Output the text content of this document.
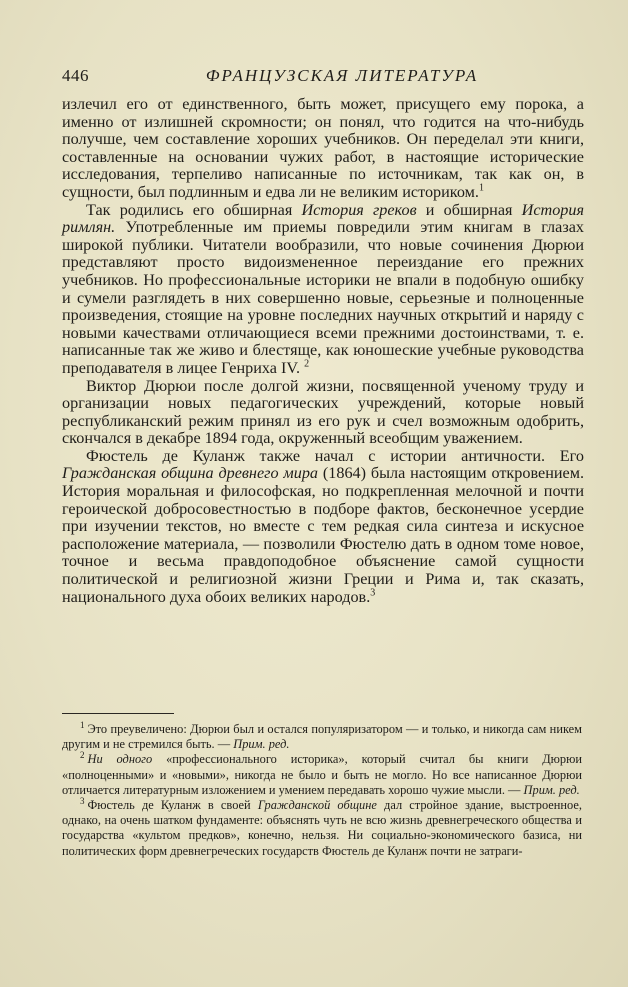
446	ФРАНЦУЗСКАЯ ЛИТЕРАТУРА

излечил его от единственного, быть может, присущего ему порока, а именно от излишней скромности; он понял, что годится на что-нибудь получше, чем составление хороших учебников. Он переделал эти книги, составленные на основании чужих работ, в настоящие исторические исследования, терпеливо написанные по источникам, так как он, в сущности, был подлинным и едва ли не великим историком.$^1$

Так родились его обширная История греков и обширная История римлян. Употребленные им приемы повредили этим книгам в глазах широкой публики. Читатели вообразили, что новые сочинения Дюрюи представляют просто видоизмененное переиздание его прежних учебников. Но профессиональные историки не впали в подобную ошибку и сумели разглядеть в них совершенно новые, серьезные и полноценные произведения, стоящие на уровне последних научных открытий и наряду с новыми качествами отличающиеся всеми прежними достоинствами, т. е. написанные так же живо и блестяще, как юношеские учебные руководства преподавателя в лицее Генриха IV. $^2$

Виктор Дюрюи после долгой жизни, посвященной ученому труду и организации новых педагогических учреждений, которые новый республиканский режим принял из его рук и счел возможным одобрить, скончался в декабре 1894 года, окруженный всеобщим уважением.

Фюстель де Куланж также начал с истории античности. Его Гражданская община древнего мира (1864) была настоящим откровением. История моральная и философская, но подкрепленная мелочной и почти героической добросовестностью в подборе фактов, бесконечное усердие при изучении текстов, но вместе с тем редкая сила синтеза и искусное расположение материала, — позволили Фюстелю дать в одном томе новое, точное и весьма правдоподобное объяснение самой сущности политической и религиозной жизни Греции и Рима и, так сказать, национального духа обоих великих народов.$^3$

$^1$ Это преувеличено: Дюрюи был и остался популяризатором — и только, и никогда сам никем другим и не стремился быть. — Прим. ред.

$^2$ Ни одного «профессионального историка», который считал бы книги Дюрюи «полноценными» и «новыми», никогда не было и быть не могло. Но все написанное Дюрюи отличается литературным изложением и умением передавать хорошо чужие мысли. — Прим. ред.

$^3$ Фюстель де Куланж в своей Гражданской общине дал стройное здание, выстроенное, однако, на очень шатком фундаменте: объяснять чуть не всю жизнь древнегреческого общества и государства «культом предков», конечно, нельзя. Ни социально-экономического базиса, ни политических форм древнегреческих государств Фюстель де Куланж почти не затраги-
